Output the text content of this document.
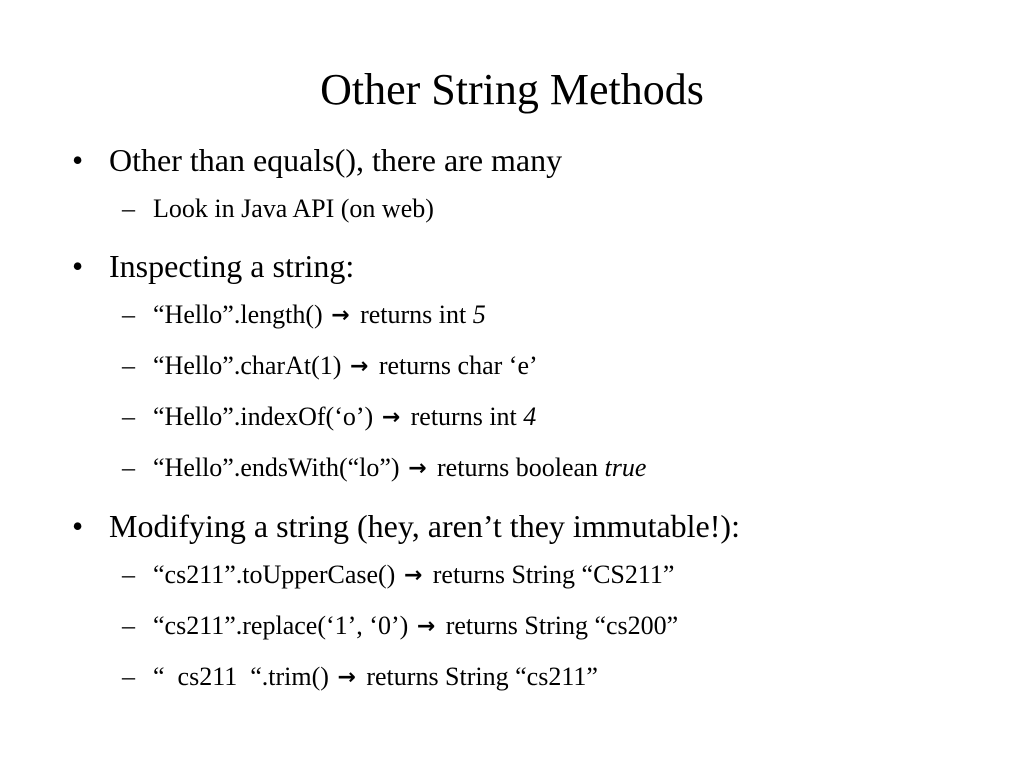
Other String Methods
• Other than equals(), there are many
– Look in Java API (on web)
• Inspecting a string:
– “Hello”.length() → returns int 5
– “Hello”.charAt(1) → returns char ‘e’
– “Hello”.indexOf(‘o’) → returns int 4
– “Hello”.endsWith(“lo”) → returns boolean true
• Modifying a string (hey, aren’t they immutable!):
– “cs211”.toUpperCase() → returns String “CS211”
– “cs211”.replace(‘1’, ‘0’) → returns String “cs200”
– “  cs211  “.trim() → returns String “cs211”
